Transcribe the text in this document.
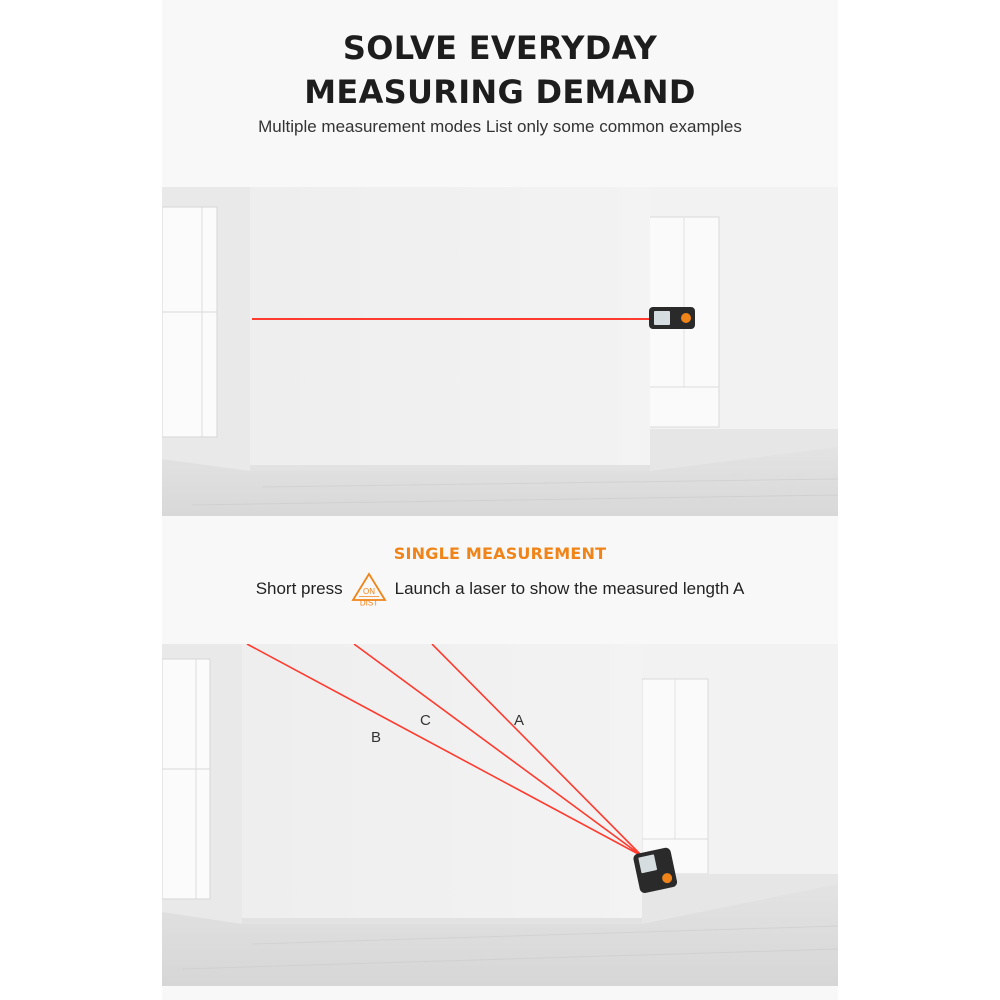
SOLVE EVERYDAY
MEASURING DEMAND

Multiple measurement modes List only some common examples

SINGLE MEASUREMENT
Short press	ON
DIST
Launch a laser to show the measured length A
A
B
C
